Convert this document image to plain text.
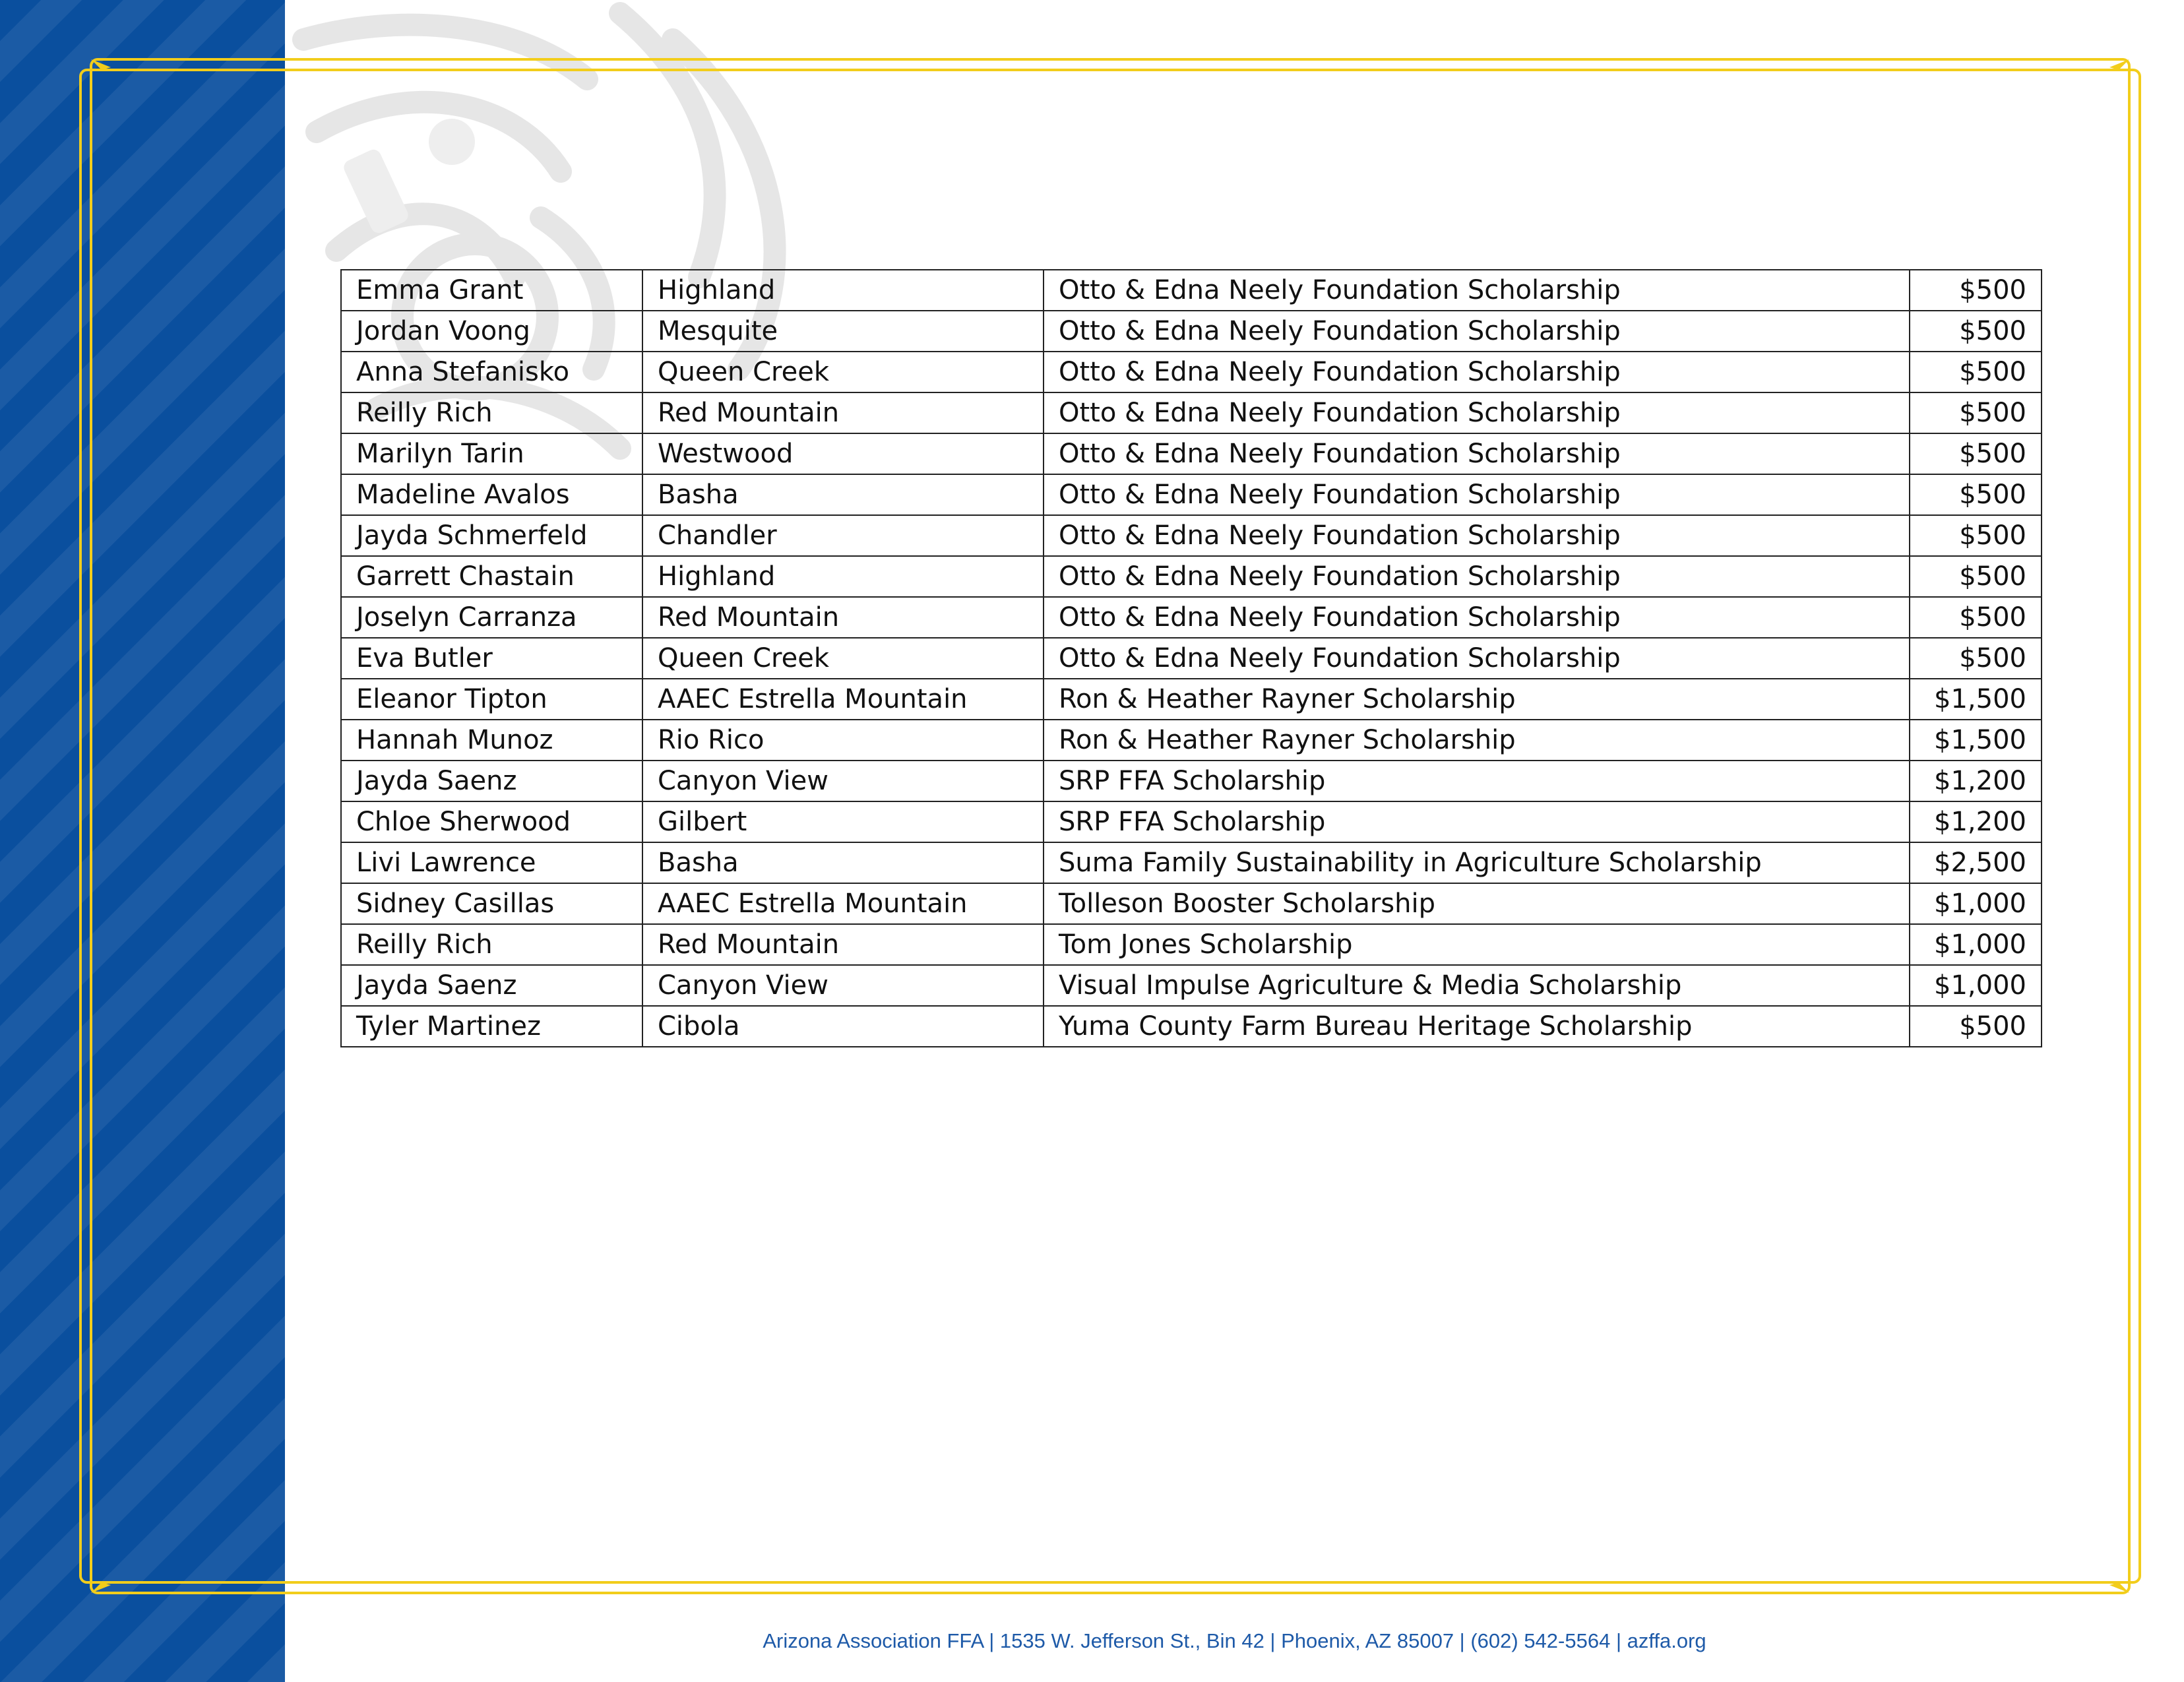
Emma Grant	Highland	Otto & Edna Neely Foundation Scholarship	$500
Jordan Voong	Mesquite	Otto & Edna Neely Foundation Scholarship	$500
Anna Stefanisko	Queen Creek	Otto & Edna Neely Foundation Scholarship	$500
Reilly Rich	Red Mountain	Otto & Edna Neely Foundation Scholarship	$500
Marilyn Tarin	Westwood	Otto & Edna Neely Foundation Scholarship	$500
Madeline Avalos	Basha	Otto & Edna Neely Foundation Scholarship	$500
Jayda Schmerfeld	Chandler	Otto & Edna Neely Foundation Scholarship	$500
Garrett Chastain	Highland	Otto & Edna Neely Foundation Scholarship	$500
Joselyn Carranza	Red Mountain	Otto & Edna Neely Foundation Scholarship	$500
Eva Butler	Queen Creek	Otto & Edna Neely Foundation Scholarship	$500
Eleanor Tipton	AAEC Estrella Mountain	Ron & Heather Rayner Scholarship	$1,500
Hannah Munoz	Rio Rico	Ron & Heather Rayner Scholarship	$1,500
Jayda Saenz	Canyon View	SRP FFA Scholarship	$1,200
Chloe Sherwood	Gilbert	SRP FFA Scholarship	$1,200
Livi Lawrence	Basha	Suma Family Sustainability in Agriculture Scholarship	$2,500
Sidney Casillas	AAEC Estrella Mountain	Tolleson Booster Scholarship	$1,000
Reilly Rich	Red Mountain	Tom Jones Scholarship	$1,000
Jayda Saenz	Canyon View	Visual Impulse Agriculture & Media Scholarship	$1,000
Tyler Martinez	Cibola	Yuma County Farm Bureau Heritage Scholarship	$500
Arizona Association FFA | 1535 W. Jefferson St., Bin 42 | Phoenix, AZ 85007 | (602) 542-5564 | azffa.org
